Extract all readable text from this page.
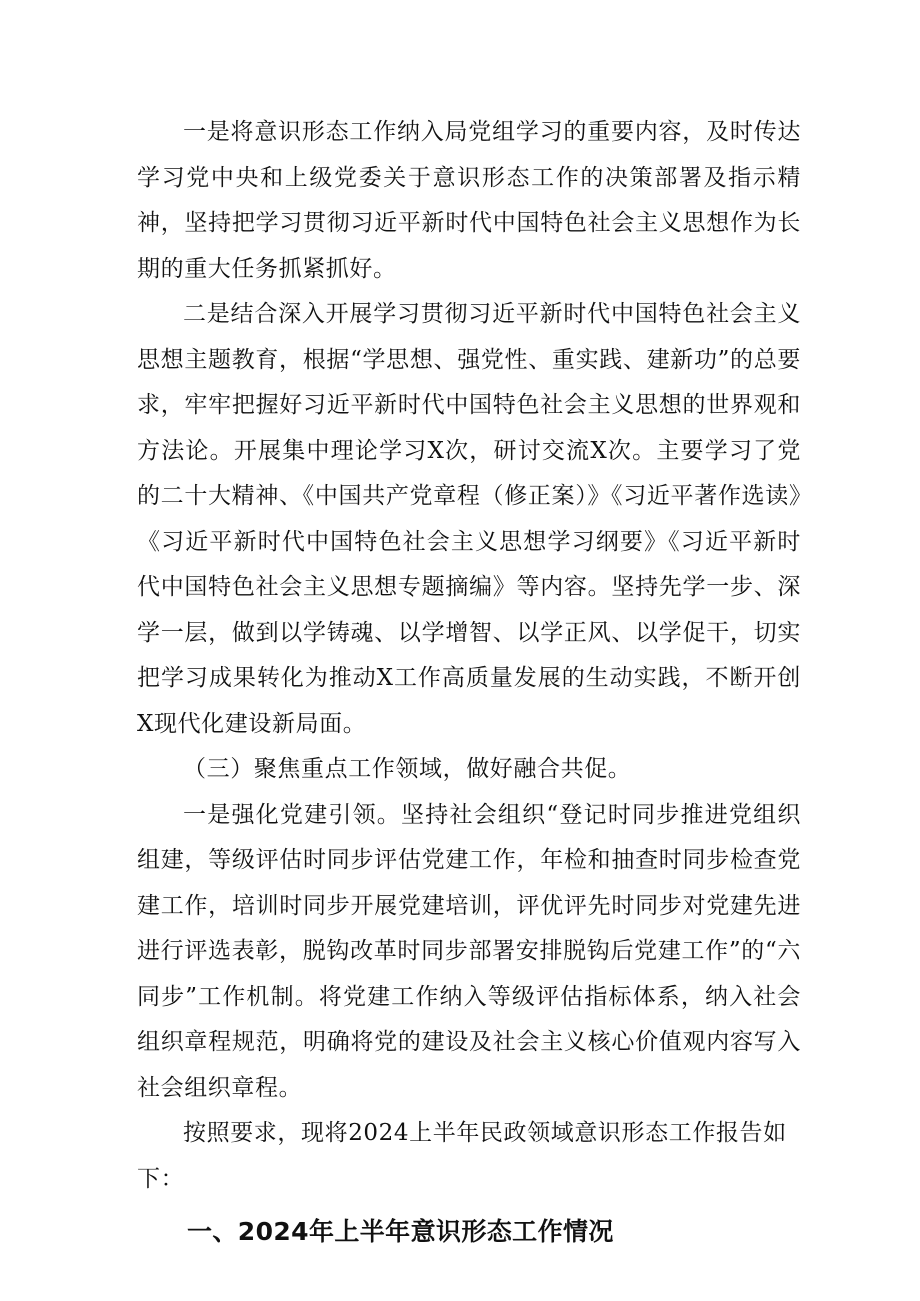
一是将意识形态工作纳入局党组学习的重要内容，及时传达学习党中央和上级党委关于意识形态工作的决策部署及指示精神，坚持把学习贯彻习近平新时代中国特色社会主义思想作为长期的重大任务抓紧抓好。

二是结合深入开展学习贯彻习近平新时代中国特色社会主义思想主题教育，根据“学思想、强党性、重实践、建新功”的总要求，牢牢把握好习近平新时代中国特色社会主义思想的世界观和方法论。开展集中理论学习X次，研讨交流X次。主要学习了党的二十大精神、《中国共产党章程（修正案）》《习近平著作选读》《习近平新时代中国特色社会主义思想学习纲要》《习近平新时代中国特色社会主义思想专题摘编》等内容。坚持先学一步、深学一层，做到以学铸魂、以学增智、以学正风、以学促干，切实把学习成果转化为推动X工作高质量发展的生动实践，不断开创X现代化建设新局面。

（三）聚焦重点工作领域，做好融合共促。

一是强化党建引领。坚持社会组织“登记时同步推进党组织组建，等级评估时同步评估党建工作，年检和抽查时同步检查党建工作，培训时同步开展党建培训，评优评先时同步对党建先进进行评选表彰，脱钩改革时同步部署安排脱钩后党建工作”的“六同步”工作机制。将党建工作纳入等级评估指标体系，纳入社会组织章程规范，明确将党的建设及社会主义核心价值观内容写入社会组织章程。

按照要求，现将2024上半年民政领域意识形态工作报告如下：

一、2024年上半年意识形态工作情况
